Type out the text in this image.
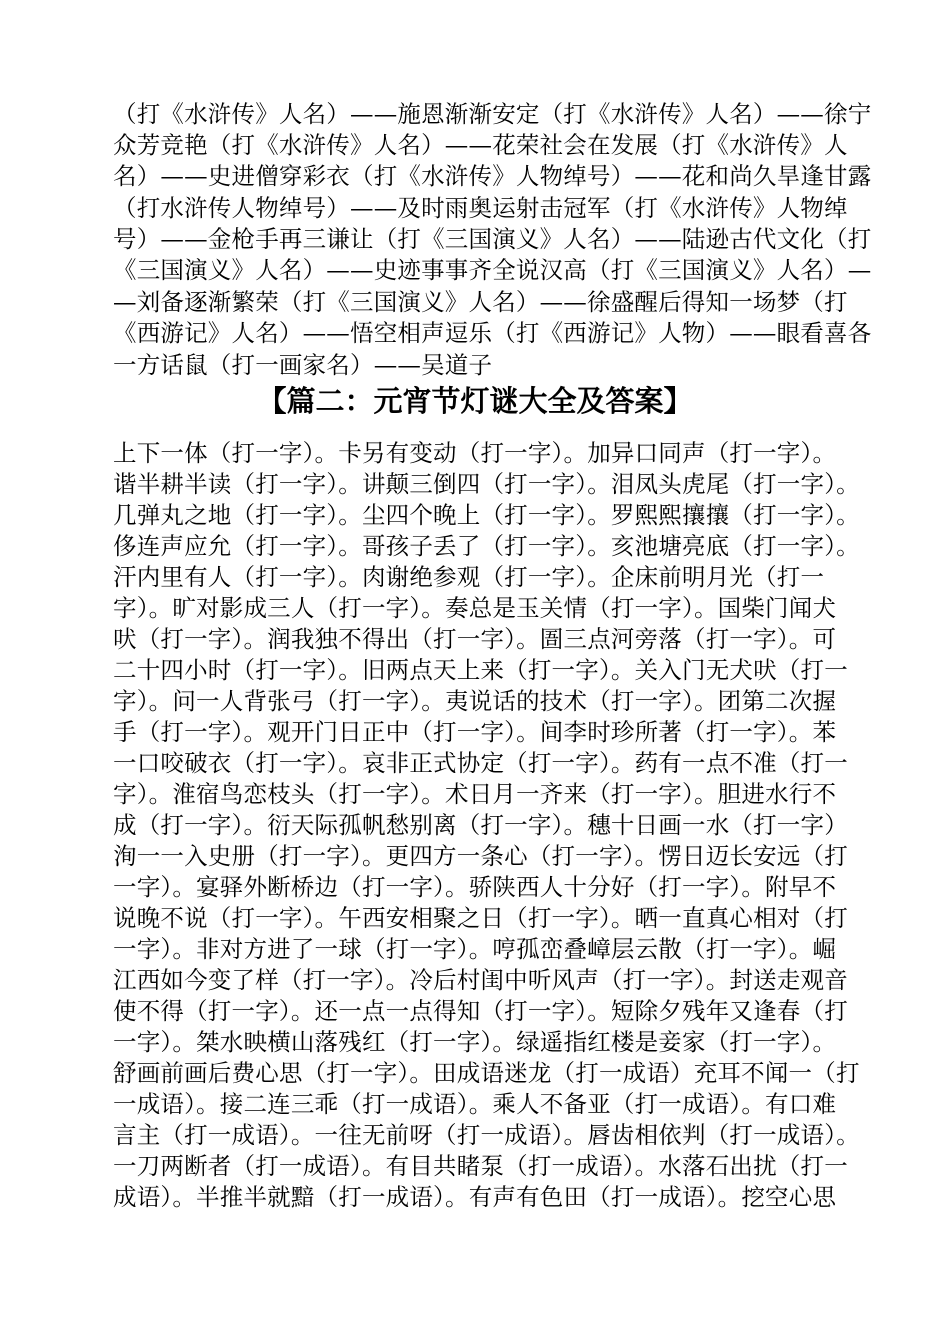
（打《水浒传》人名）——施恩渐渐安定（打《水浒传》人名）——徐宁
众芳竞艳（打《水浒传》人名）——花荣社会在发展（打《水浒传》人
名）——史进僧穿彩衣（打《水浒传》人物绰号）——花和尚久旱逢甘露
（打水浒传人物绰号）——及时雨奥运射击冠军（打《水浒传》人物绰
号）——金枪手再三谦让（打《三国演义》人名）——陆逊古代文化（打
《三国演义》人名）——史迹事事齐全说汉高（打《三国演义》人名）—
—刘备逐渐繁荣（打《三国演义》人名）——徐盛醒后得知一场梦（打
《西游记》人名）——悟空相声逗乐（打《西游记》人物）——眼看喜各
一方话鼠（打一画家名）——吴道子
【篇二：元宵节灯谜大全及答案】
上下一体（打一字）。卡另有变动（打一字）。加异口同声（打一字）。
谐半耕半读（打一字）。讲颠三倒四（打一字）。泪凤头虎尾（打一字）。
几弹丸之地（打一字）。尘四个晚上（打一字）。罗熙熙攘攘（打一字）。
侈连声应允（打一字）。哥孩子丢了（打一字）。亥池塘亮底（打一字）。
汗内里有人（打一字）。肉谢绝参观（打一字）。企床前明月光（打一
字）。旷对影成三人（打一字）。奏总是玉关情（打一字）。国柴门闻犬
吠（打一字）。润我独不得出（打一字）。圄三点河旁落（打一字）。可
二十四小时（打一字）。旧两点天上来（打一字）。关入门无犬吠（打一
字）。问一人背张弓（打一字）。夷说话的技术（打一字）。团第二次握
手（打一字）。观开门日正中（打一字）。间李时珍所著（打一字）。苯
一口咬破衣（打一字）。哀非正式协定（打一字）。药有一点不准（打一
字）。淮宿鸟恋枝头（打一字）。术日月一齐来（打一字）。胆进水行不
成（打一字）。衍天际孤帆愁别离（打一字）。穗十日画一水（打一字）
洵一一入史册（打一字）。更四方一条心（打一字）。愣日迈长安远（打
一字）。宴驿外断桥边（打一字）。骄陕西人十分好（打一字）。附早不
说晚不说（打一字）。午西安相聚之日（打一字）。晒一直真心相对（打
一字）。非对方进了一球（打一字）。哼孤峦叠嶂层云散（打一字）。崛
江西如今变了样（打一字）。冷后村闺中听风声（打一字）。封送走观音
使不得（打一字）。还一点一点得知（打一字）。短除夕残年又逢春（打
一字）。桀水映横山落残红（打一字）。绿遥指红楼是妾家（打一字）。
舒画前画后费心思（打一字）。田成语迷龙（打一成语）充耳不闻一（打
一成语）。接二连三乖（打一成语）。乘人不备亚（打一成语）。有口难
言主（打一成语）。一往无前呀（打一成语）。唇齿相依判（打一成语）。
一刀两断者（打一成语）。有目共睹泵（打一成语）。水落石出扰（打一
成语）。半推半就黯（打一成语）。有声有色田（打一成语）。挖空心思
